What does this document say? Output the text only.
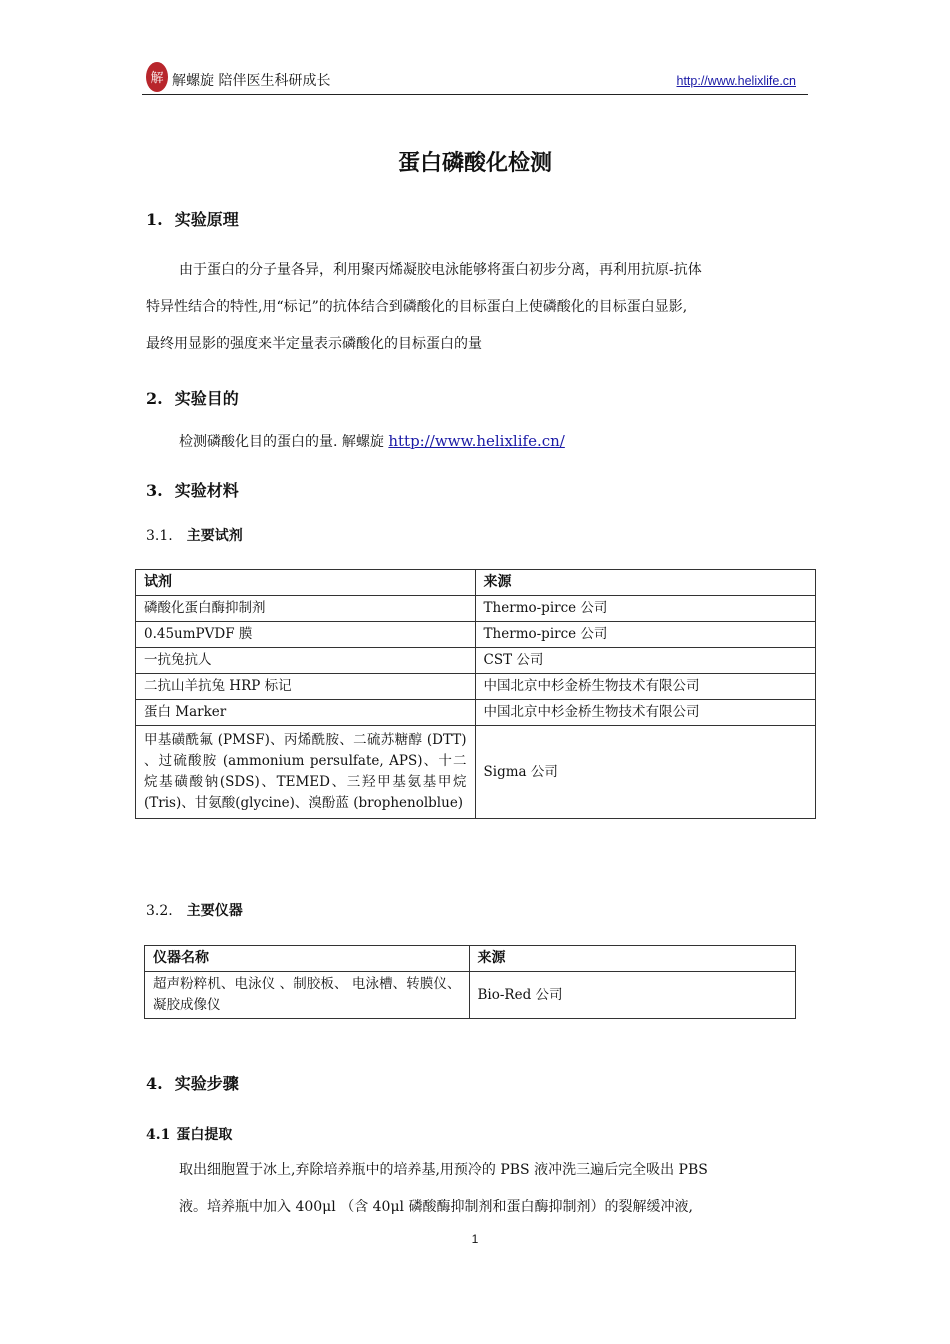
解 解螺旋 陪伴医生科研成长	http://www.helixlife.cn
蛋白磷酸化检测
1. 实验原理
由于蛋白的分子量各异，利用聚丙烯凝胶电泳能够将蛋白初步分离，再利用抗原-抗体
特异性结合的特性,用“标记”的抗体结合到磷酸化的目标蛋白上使磷酸化的目标蛋白显影,
最终用显影的强度来半定量表示磷酸化的目标蛋白的量
2. 实验目的
检测磷酸化目的蛋白的量. 解螺旋 http://www.helixlife.cn/
3. 实验材料
3.1. 主要试剂
试剂	来源
磷酸化蛋白酶抑制剂	Thermo-pirce 公司
0.45umPVDF 膜	Thermo-pirce 公司
一抗兔抗人	CST 公司
二抗山羊抗兔 HRP 标记	中国北京中杉金桥生物技术有限公司
蛋白 Marker	中国北京中杉金桥生物技术有限公司
甲基磺酰氟 (PMSF)、丙烯酰胺、二硫苏糖醇 (DTT) 、过硫酸胺 (ammonium persulfate, APS)、十二烷基磺酸钠(SDS)、TEMED、三羟甲基氨基甲烷(Tris)、甘氨酸(glycine)、溴酚蓝 (brophenolblue)	Sigma 公司
3.2. 主要仪器
仪器名称	来源
超声粉粹机、电泳仪 、制胶板、 电泳槽、转膜仪、凝胶成像仪	Bio-Red 公司
4. 实验步骤
4.1 蛋白提取
取出细胞置于冰上,弃除培养瓶中的培养基,用预冷的 PBS 液冲洗三遍后完全吸出 PBS
液。培养瓶中加入 400μl （含 40μl 磷酸酶抑制剂和蛋白酶抑制剂）的裂解缓冲液,
1
